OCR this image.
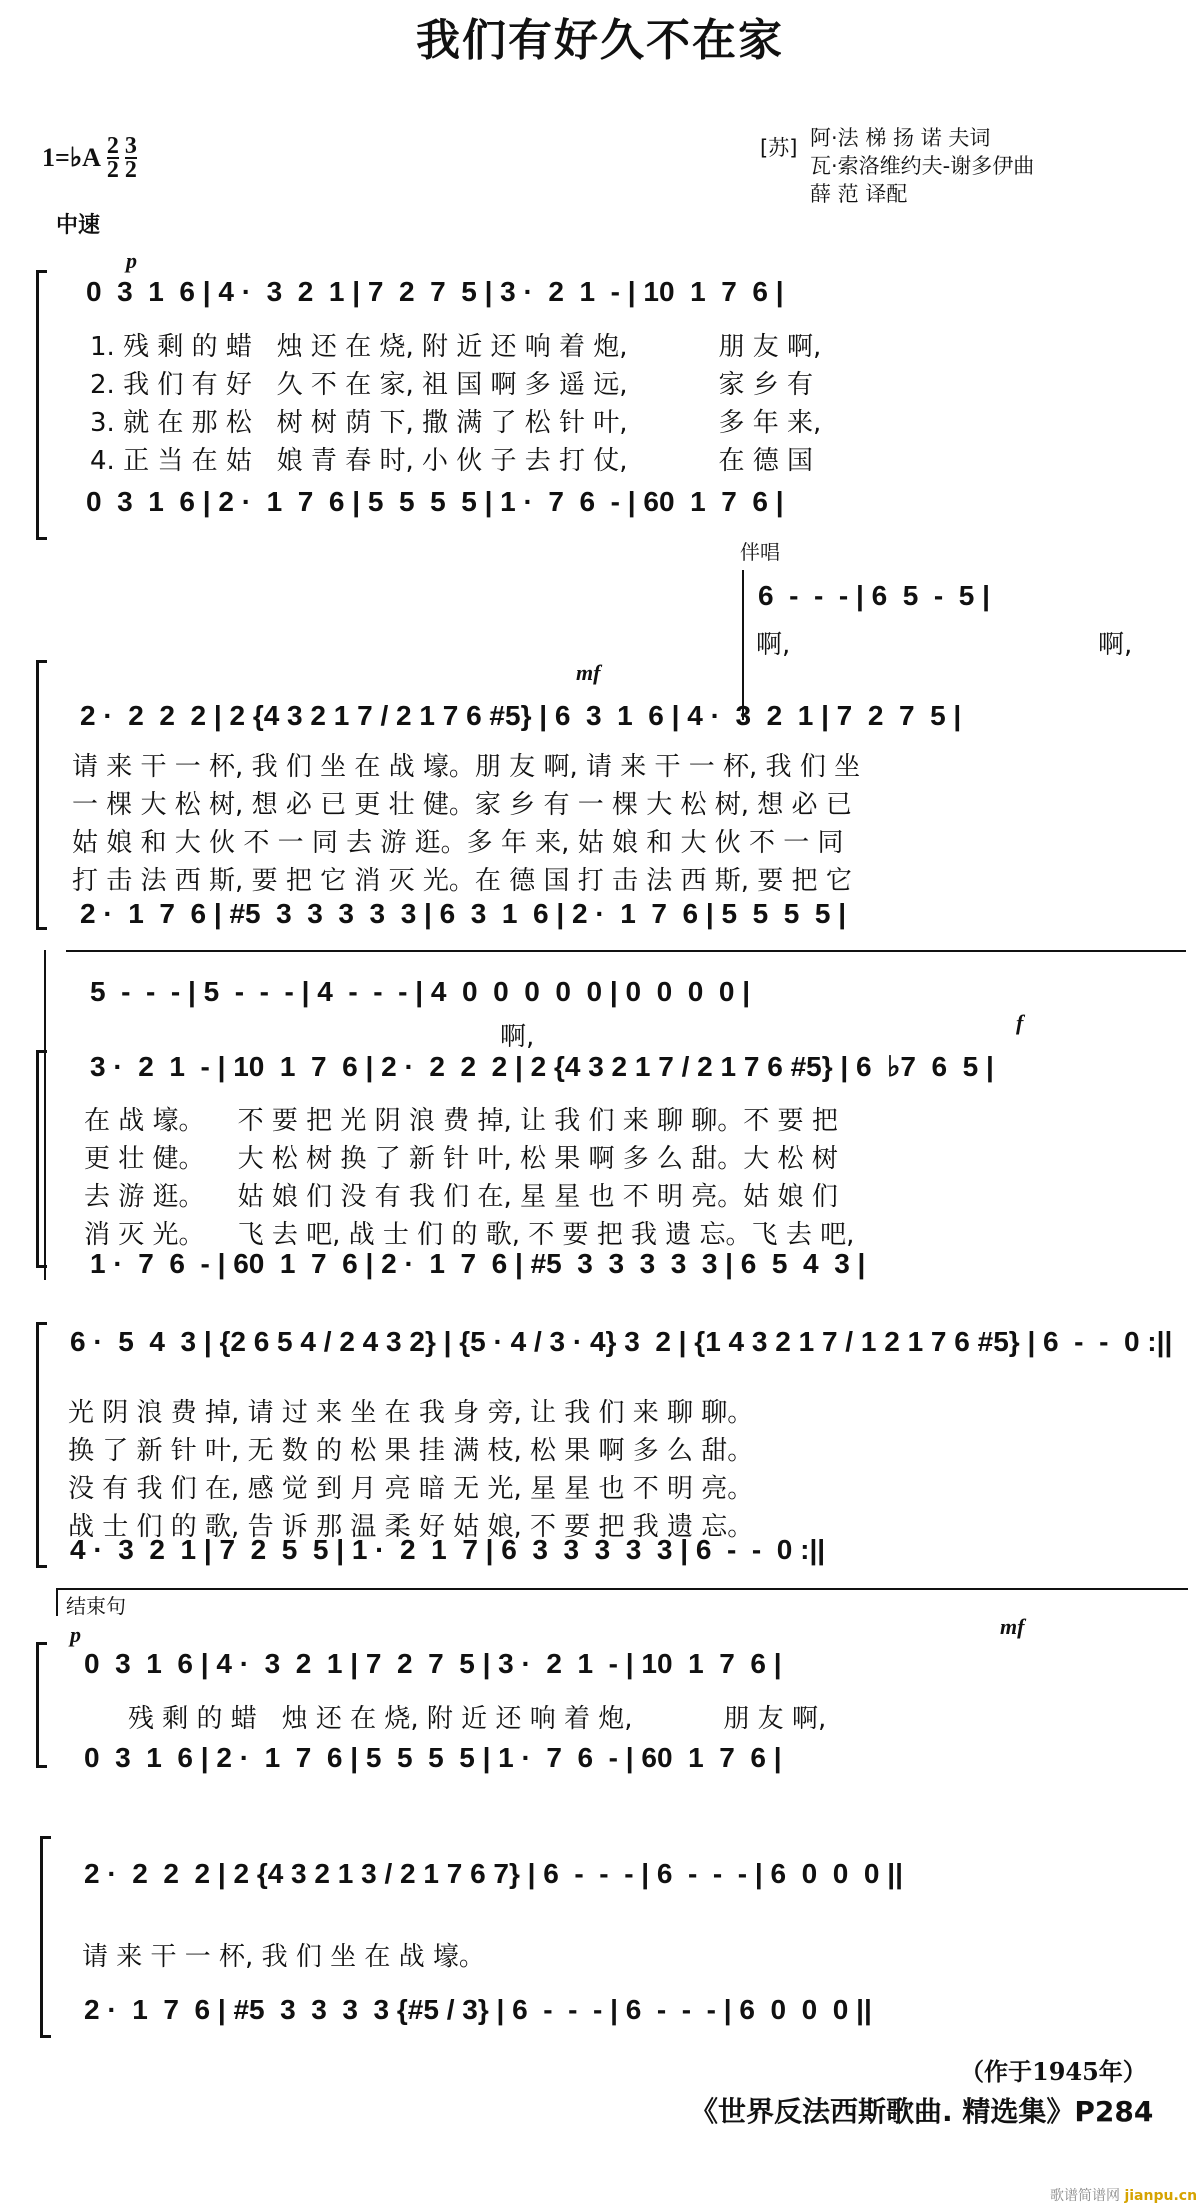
我们有好久不在家
1=♭A $\frac{2}{2} \frac{3}{2}$	[苏] 阿·法 梯 扬 诺 夫词
瓦·索洛维约夫-谢多伊曲
薛 范 译配
中速
p
0  3  1  6 | 4 ·  3  2  1 | 7  2  7  5 | 3 ·  2  1  - | 10  1  7  6 |
1. 残 剩 的 蜡   烛 还 在 烧, 附 近 还 响 着 炮,           朋 友 啊,
2. 我 们 有 好   久 不 在 家, 祖 国 啊 多 遥 远,           家 乡 有
3. 就 在 那 松   树 树 荫 下, 撒 满 了 松 针 叶,           多 年 来,
4. 正 当 在 姑   娘 青 春 时, 小 伙 子 去 打 仗,           在 德 国
0  3  1  6 | 2 ·  1  7  6 | 5  5  5  5 | 1 ·  7  6  - | 60  1  7  6 |
伴唱
6  -  -  - | 6  5  -  5 |
啊,	啊,
mf
2 ·  2  2  2 | 2 {4 3 2 1 7 / 2 1 7 6 #5} | 6  3  1  6 | 4 ·  3  2  1 | 7  2  7  5 |
请 来 干 一 杯, 我 们 坐 在 战 壕。朋 友 啊, 请 来 干 一 杯, 我 们 坐
一 棵 大 松 树, 想 必 已 更 壮 健。家 乡 有 一 棵 大 松 树, 想 必 已
姑 娘 和 大 伙 不 一 同 去 游 逛。多 年 来, 姑 娘 和 大 伙 不 一 同
打 击 法 西 斯, 要 把 它 消 灭 光。在 德 国 打 击 法 西 斯, 要 把 它
2 ·  1  7  6 | #5  3  3  3  3  3 | 6  3  1  6 | 2 ·  1  7  6 | 5  5  5  5 |
5  -  -  - | 5  -  -  - | 4  -  -  - | 4  0  0  0  0  0 | 0  0  0  0 |
啊,	f
3 ·  2  1  - | 10  1  7  6 | 2 ·  2  2  2 | 2 {4 3 2 1 7 / 2 1 7 6 #5} | 6  ♭7  6  5 |
在 战 壕。    不 要 把 光 阴 浪 费 掉, 让 我 们 来 聊 聊。不 要 把
更 壮 健。    大 松 树 换 了 新 针 叶, 松 果 啊 多 么 甜。大 松 树
去 游 逛。    姑 娘 们 没 有 我 们 在, 星 星 也 不 明 亮。姑 娘 们
消 灭 光。    飞 去 吧, 战 士 们 的 歌, 不 要 把 我 遗 忘。飞 去 吧,
1 ·  7  6  - | 60  1  7  6 | 2 ·  1  7  6 | #5  3  3  3  3  3 | 6  5  4  3 |
6 ·  5  4  3 | {2 6 5 4 / 2 4 3 2} | {5 · 4 / 3 · 4} 3  2 | {1 4 3 2 1 7 / 1 2 1 7 6 #5} | 6  -  -  0 :||
光 阴 浪 费 掉, 请 过 来 坐 在 我 身 旁, 让 我 们 来 聊 聊。
换 了 新 针 叶, 无 数 的 松 果 挂 满 枝, 松 果 啊 多 么 甜。
没 有 我 们 在, 感 觉 到 月 亮 暗 无 光, 星 星 也 不 明 亮。
战 士 们 的 歌, 告 诉 那 温 柔 好 姑 娘, 不 要 把 我 遗 忘。
4 ·  3  2  1 | 7  2  5  5 | 1 ·  2  1  7 | 6  3  3  3  3  3 | 6  -  -  0 :||
结束句
p	mf
0  3  1  6 | 4 ·  3  2  1 | 7  2  7  5 | 3 ·  2  1  - | 10  1  7  6 |
残 剩 的 蜡   烛 还 在 烧, 附 近 还 响 着 炮,           朋 友 啊,
0  3  1  6 | 2 ·  1  7  6 | 5  5  5  5 | 1 ·  7  6  - | 60  1  7  6 |
2 ·  2  2  2 | 2 {4 3 2 1 3 / 2 1 7 6 7} | 6  -  -  - | 6  -  -  - | 6  0  0  0 ||
请 来 干 一 杯, 我 们 坐 在 战 壕。
2 ·  1  7  6 | #5  3  3  3  3 {#5 / 3} | 6  -  -  - | 6  -  -  - | 6  0  0  0 ||
（作于1945年）
《世界反法西斯歌曲. 精选集》P284
歌谱简谱网 jianpu.cn
